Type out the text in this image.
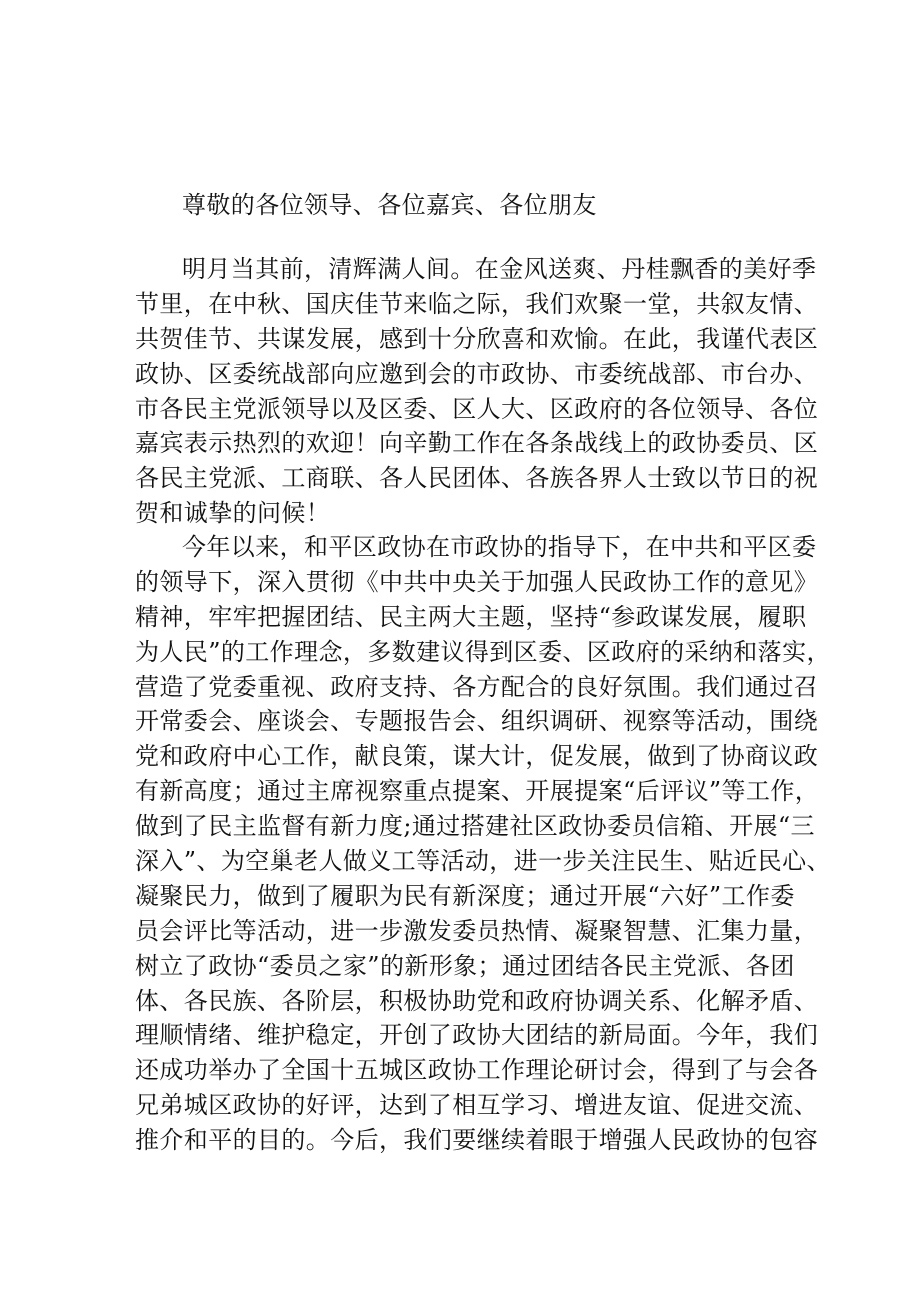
尊敬的各位领导、各位嘉宾、各位朋友
明月当其前，清辉满人间。在金风送爽、丹桂飘香的美好季
节里，在中秋、国庆佳节来临之际，我们欢聚一堂，共叙友情、
共贺佳节、共谋发展，感到十分欣喜和欢愉。在此，我谨代表区
政协、区委统战部向应邀到会的市政协、市委统战部、市台办、
市各民主党派领导以及区委、区人大、区政府的各位领导、各位
嘉宾表示热烈的欢迎！向辛勤工作在各条战线上的政协委员、区
各民主党派、工商联、各人民团体、各族各界人士致以节日的祝
贺和诚挚的问候！
今年以来，和平区政协在市政协的指导下，在中共和平区委
的领导下，深入贯彻《中共中央关于加强人民政协工作的意见》
精神，牢牢把握团结、民主两大主题，坚持“参政谋发展，履职
为人民”的工作理念，多数建议得到区委、区政府的采纳和落实，
营造了党委重视、政府支持、各方配合的良好氛围。我们通过召
开常委会、座谈会、专题报告会、组织调研、视察等活动，围绕
党和政府中心工作，献良策，谋大计，促发展，做到了协商议政
有新高度；通过主席视察重点提案、开展提案“后评议”等工作，
做到了民主监督有新力度;通过搭建社区政协委员信箱、开展“三
深入”、为空巢老人做义工等活动，进一步关注民生、贴近民心、
凝聚民力，做到了履职为民有新深度；通过开展“六好”工作委
员会评比等活动，进一步激发委员热情、凝聚智慧、汇集力量，
树立了政协“委员之家”的新形象；通过团结各民主党派、各团
体、各民族、各阶层，积极协助党和政府协调关系、化解矛盾、
理顺情绪、维护稳定，开创了政协大团结的新局面。今年，我们
还成功举办了全国十五城区政协工作理论研讨会，得到了与会各
兄弟城区政协的好评，达到了相互学习、增进友谊、促进交流、
推介和平的目的。今后，我们要继续着眼于增强人民政协的包容
